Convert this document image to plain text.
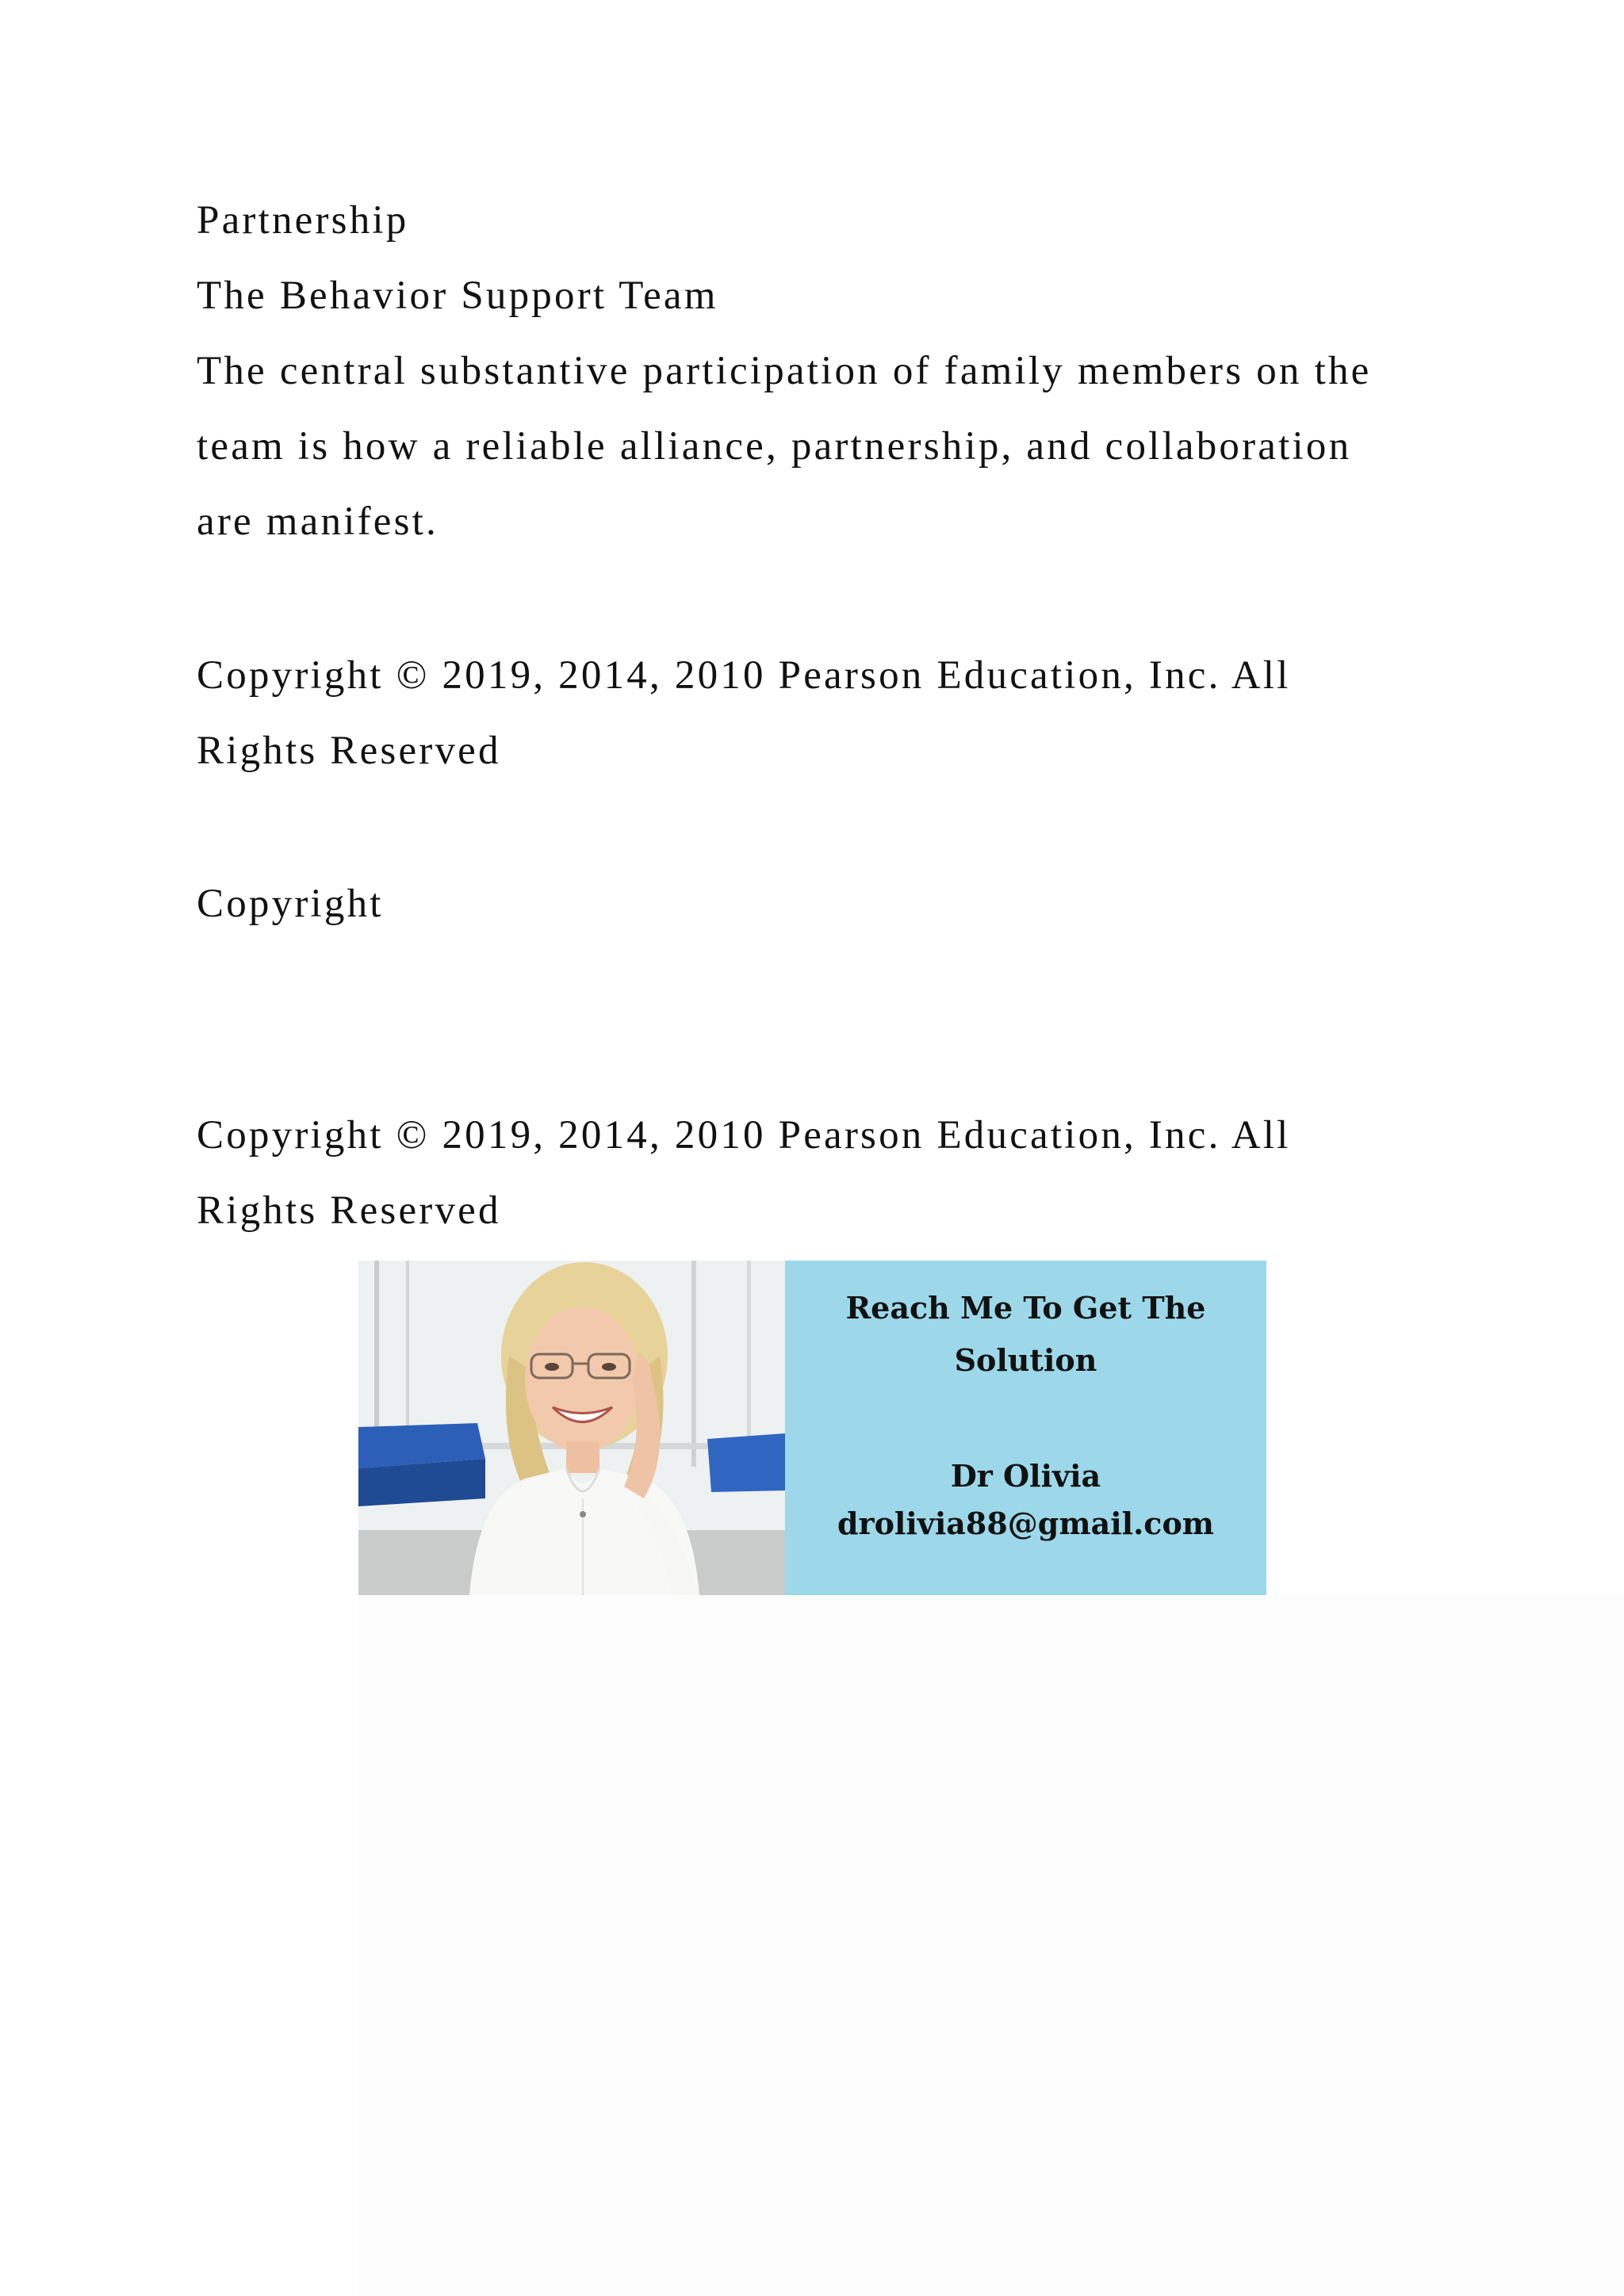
Partnership
The Behavior Support Team
The central substantive participation of family members on the
team is how a reliable alliance, partnership, and collaboration
are manifest.
Copyright © 2019, 2014, 2010 Pearson Education, Inc. All
Rights Reserved
Copyright
Copyright © 2019, 2014, 2010 Pearson Education, Inc. All
Rights Reserved
Reach Me To Get The
Solution
Dr Olivia
drolivia88@gmail.com
